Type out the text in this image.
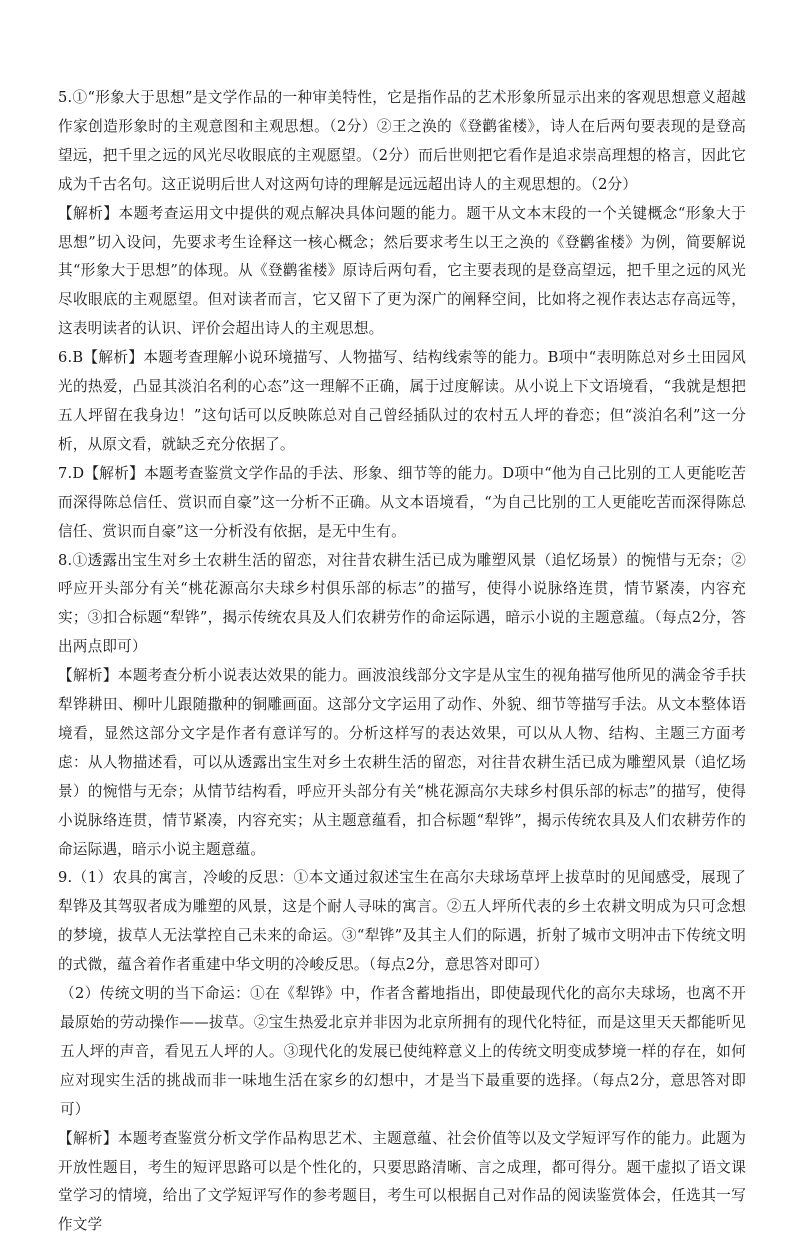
5.①“形象大于思想”是文学作品的一种审美特性，它是指作品的艺术形象所显示出来的客观思想意义超越作家创造形象时的主观意图和主观思想。（2分）②王之涣的《登鹳雀楼》，诗人在后两句要表现的是登高望远，把千里之远的风光尽收眼底的主观愿望。（2分）而后世则把它看作是追求崇高理想的格言，因此它成为千古名句。这正说明后世人对这两句诗的理解是远远超出诗人的主观思想的。（2分）

【解析】本题考查运用文中提供的观点解决具体问题的能力。题干从文本末段的一个关键概念“形象大于思想”切入设问，先要求考生诠释这一核心概念；然后要求考生以王之涣的《登鹳雀楼》为例，简要解说其“形象大于思想”的体现。从《登鹳雀楼》原诗后两句看，它主要表现的是登高望远，把千里之远的风光尽收眼底的主观愿望。但对读者而言，它又留下了更为深广的阐释空间，比如将之视作表达志存高远等，这表明读者的认识、评价会超出诗人的主观思想。

6.B【解析】本题考查理解小说环境描写、人物描写、结构线索等的能力。B项中“表明陈总对乡土田园风光的热爱，凸显其淡泊名利的心态”这一理解不正确，属于过度解读。从小说上下文语境看，“我就是想把五人坪留在我身边！”这句话可以反映陈总对自己曾经插队过的农村五人坪的眷恋；但“淡泊名利”这一分析，从原文看，就缺乏充分依据了。

7.D【解析】本题考查鉴赏文学作品的手法、形象、细节等的能力。D项中“他为自己比别的工人更能吃苦而深得陈总信任、赏识而自豪”这一分析不正确。从文本语境看，“为自己比别的工人更能吃苦而深得陈总信任、赏识而自豪”这一分析没有依据，是无中生有。

8.①透露出宝生对乡土农耕生活的留恋，对往昔农耕生活已成为雕塑风景（追忆场景）的惋惜与无奈；②呼应开头部分有关“桃花源高尔夫球乡村俱乐部的标志”的描写，使得小说脉络连贯，情节紧凑，内容充实；③扣合标题“犁铧”，揭示传统农具及人们农耕劳作的命运际遇，暗示小说的主题意蕴。（每点2分，答出两点即可）

【解析】本题考查分析小说表达效果的能力。画波浪线部分文字是从宝生的视角描写他所见的满金爷手扶犁铧耕田、柳叶儿跟随撒种的铜雕画面。这部分文字运用了动作、外貌、细节等描写手法。从文本整体语境看，显然这部分文字是作者有意详写的。分析这样写的表达效果，可以从人物、结构、主题三方面考虑：从人物描述看，可以从透露出宝生对乡土农耕生活的留恋，对往昔农耕生活已成为雕塑风景（追忆场景）的惋惜与无奈；从情节结构看，呼应开头部分有关“桃花源高尔夫球乡村俱乐部的标志”的描写，使得小说脉络连贯，情节紧凑，内容充实；从主题意蕴看，扣合标题“犁铧”，揭示传统农具及人们农耕劳作的命运际遇，暗示小说主题意蕴。

9.（1）农具的寓言，冷峻的反思：①本文通过叙述宝生在高尔夫球场草坪上拔草时的见闻感受，展现了犁铧及其驾驭者成为雕塑的风景，这是个耐人寻味的寓言。②五人坪所代表的乡土农耕文明成为只可念想的梦境，拔草人无法掌控自己未来的命运。③“犁铧”及其主人们的际遇，折射了城市文明冲击下传统文明的式微，蕴含着作者重建中华文明的冷峻反思。（每点2分，意思答对即可）

（2）传统文明的当下命运：①在《犁铧》中，作者含蓄地指出，即使最现代化的高尔夫球场，也离不开最原始的劳动操作——拔草。②宝生热爱北京并非因为北京所拥有的现代化特征，而是这里天天都能听见五人坪的声音，看见五人坪的人。③现代化的发展已使纯粹意义上的传统文明变成梦境一样的存在，如何应对现实生活的挑战而非一味地生活在家乡的幻想中，才是当下最重要的选择。（每点2分，意思答对即可）

【解析】本题考查鉴赏分析文学作品构思艺术、主题意蕴、社会价值等以及文学短评写作的能力。此题为开放性题目，考生的短评思路可以是个性化的，只要思路清晰、言之成理，都可得分。题干虚拟了语文课堂学习的情境，给出了文学短评写作的参考题目，考生可以根据自己对作品的阅读鉴赏体会，任选其一写作文学
